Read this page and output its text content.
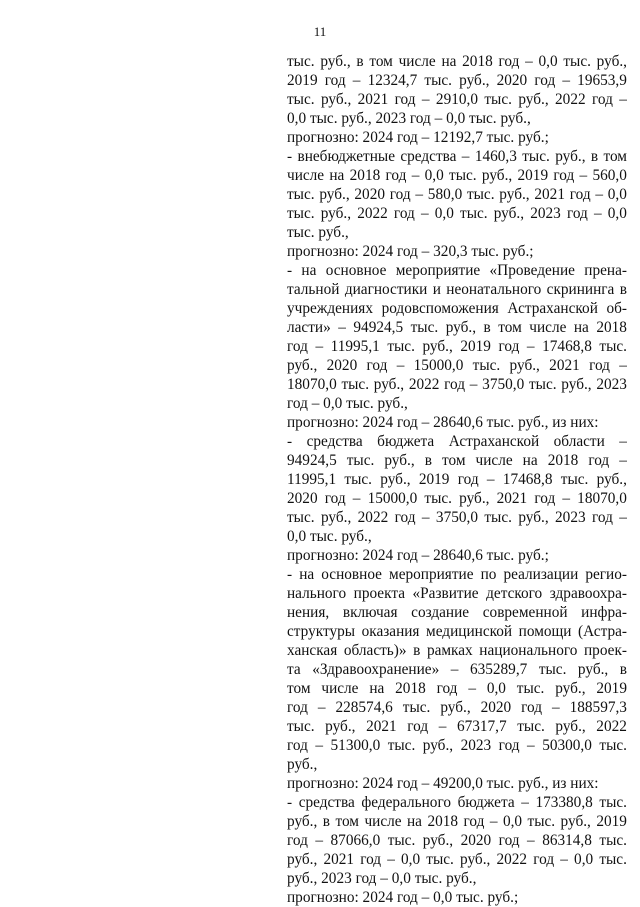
11
тыс. руб., в том числе на 2018 год – 0,0 тыс. руб.,
2019 год – 12324,7 тыс. руб., 2020 год – 19653,9
тыс. руб., 2021 год – 2910,0 тыс. руб., 2022 год –
0,0 тыс. руб., 2023 год – 0,0 тыс. руб.,
прогнозно: 2024 год – 12192,7 тыс. руб.;
- внебюджетные средства – 1460,3 тыс. руб., в том
числе на 2018 год – 0,0 тыс. руб., 2019 год – 560,0
тыс. руб., 2020 год – 580,0 тыс. руб., 2021 год – 0,0
тыс. руб., 2022 год – 0,0 тыс. руб., 2023 год – 0,0
тыс. руб.,
прогнозно: 2024 год – 320,3 тыс. руб.;
- на основное мероприятие «Проведение прена-
тальной диагностики и неонатального скрининга в
учреждениях родовспоможения Астраханской об-
ласти» – 94924,5 тыс. руб., в том числе на 2018
год – 11995,1 тыс. руб., 2019 год – 17468,8 тыс.
руб., 2020 год – 15000,0 тыс. руб., 2021 год –
18070,0 тыс. руб., 2022 год – 3750,0 тыс. руб., 2023
год – 0,0 тыс. руб.,
прогнозно: 2024 год – 28640,6 тыс. руб., из них:
- средства бюджета Астраханской области –
94924,5 тыс. руб., в том числе на 2018 год –
11995,1 тыс. руб., 2019 год – 17468,8 тыс. руб.,
2020 год – 15000,0 тыс. руб., 2021 год – 18070,0
тыс. руб., 2022 год – 3750,0 тыс. руб., 2023 год –
0,0 тыс. руб.,
прогнозно: 2024 год – 28640,6 тыс. руб.;
- на основное мероприятие по реализации регио-
нального проекта «Развитие детского здравоохра-
нения, включая создание современной инфра-
структуры оказания медицинской помощи (Астра-
ханская область)» в рамках национального проек-
та «Здравоохранение» – 635289,7 тыс. руб., в
том числе на 2018 год – 0,0 тыс. руб., 2019
год – 228574,6 тыс. руб., 2020 год – 188597,3
тыс. руб., 2021 год – 67317,7 тыс. руб., 2022
год – 51300,0 тыс. руб., 2023 год – 50300,0 тыс.
руб.,
прогнозно: 2024 год – 49200,0 тыс. руб., из них:
- средства федерального бюджета – 173380,8 тыс.
руб., в том числе на 2018 год – 0,0 тыс. руб., 2019
год – 87066,0 тыс. руб., 2020 год – 86314,8 тыс.
руб., 2021 год – 0,0 тыс. руб., 2022 год – 0,0 тыс.
руб., 2023 год – 0,0 тыс. руб.,
прогнозно: 2024 год – 0,0 тыс. руб.;
